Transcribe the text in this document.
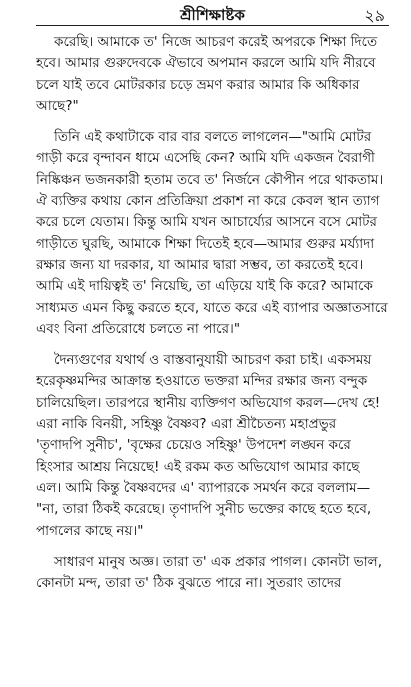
শ্রীশিক্ষাষ্টক	২৯
করেছি। আমাকে ত' নিজে আচরণ করেই অপরকে শিক্ষা দিতে
হবে। আমার গুরুদেবকে ঐভাবে অপমান করলে আমি যদি নীরবে
চলে যাই তবে মোটরকার চড়ে ভ্রমণ করার আমার কি অধিকার
আছে?"
তিনি এই কথাটাকে বার বার বলতে লাগলেন—"আমি মোটর
গাড়ী করে বৃন্দাবন ধামে এসেছি কেন? আমি যদি একজন বৈরাগী
নিষ্কিঞ্চন ভজনকারী হতাম তবে ত' নির্জনে কৌপীন পরে থাকতাম।
ঐ ব্যক্তির কথায় কোন প্রতিক্রিয়া প্রকাশ না করে কেবল স্থান ত্যাগ
করে চলে যেতাম। কিন্তু আমি যখন আচার্য্যের আসনে বসে মোটর
গাড়ীতে ঘুরছি, আমাকে শিক্ষা দিতেই হবে—আমার গুরুর মর্য্যাদা
রক্ষার জন্য যা দরকার, যা আমার দ্বারা সম্ভব, তা করতেই হবে।
আমি এই দায়িত্বই ত' নিয়েছি, তা এড়িয়ে যাই কি করে? আমাকে
সাধ্যমত এমন কিছু করতে হবে, যাতে করে এই ব্যাপার অজ্ঞাতসারে
এবং বিনা প্রতিরোধে চলতে না পারে।"
দৈন্যগুণের যথার্থ ও বাস্তবানুযায়ী আচরণ করা চাই। একসময়
হরেকৃষ্ণমন্দির আক্রান্ত হওয়াতে ভক্তরা মন্দির রক্ষার জন্য বন্দুক
চালিয়েছিল। তারপরে স্থানীয় ব্যক্তিগণ অভিযোগ করল—দেখ হে!
এরা নাকি বিনয়ী, সহিষ্ণু বৈষ্ণব? এরা শ্রীচৈতন্য মহাপ্রভুর
'তৃণাদপি সুনীচ', 'বৃক্ষের চেয়েও সহিষ্ণু' উপদেশ লঙ্ঘন করে
হিংসার আশ্রয় নিয়েছে! এই রকম কত অভিযোগ আমার কাছে
এল। আমি কিন্তু বৈষ্ণবদের এ' ব্যাপারকে সমর্থন করে বললাম—
"না, তারা ঠিকই করেছে। তৃণাদপি সুনীচ ভক্তের কাছে হতে হবে,
পাগলের কাছে নয়।"
সাধারণ মানুষ অজ্ঞ। তারা ত' এক প্রকার পাগল। কোনটা ভাল,
কোনটা মন্দ, তারা ত' ঠিক বুঝতে পারে না। সুতরাং তাদের
